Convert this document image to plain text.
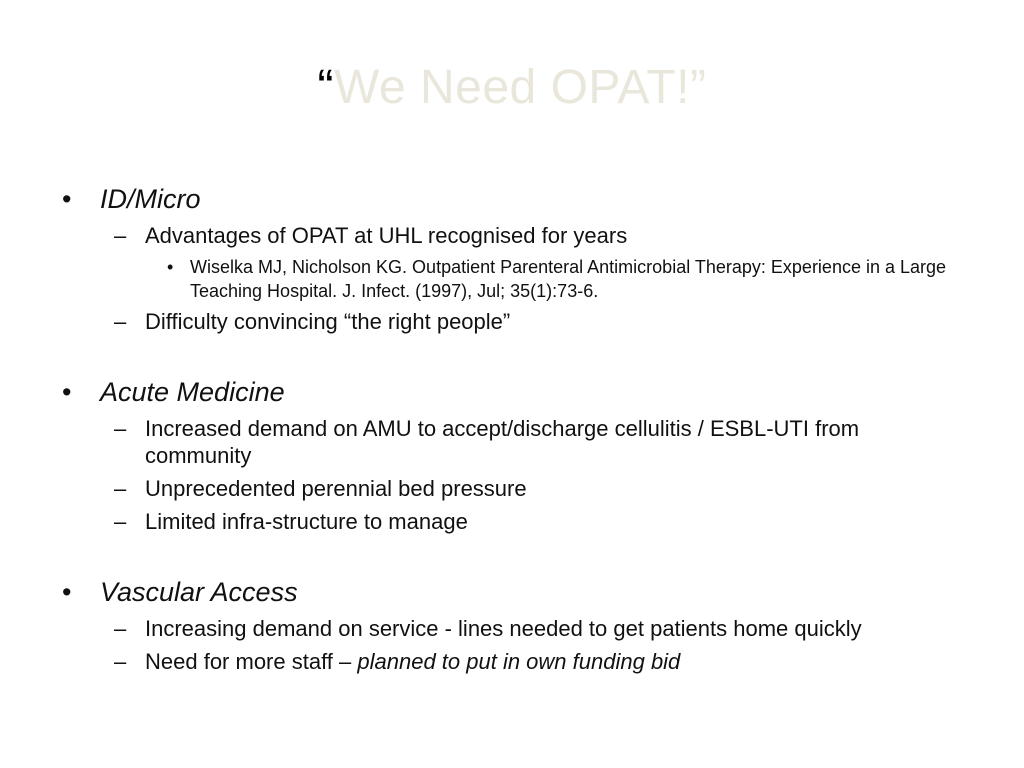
“We Need OPAT!”

• ID/Micro

– Advantages of OPAT at UHL recognised for years

• Wiselka MJ, Nicholson KG. Outpatient Parenteral Antimicrobial Therapy: Experience in a Large Teaching Hospital. J. Infect. (1997), Jul; 35(1):73-6.

– Difficulty convincing “the right people”

• Acute Medicine

– Increased demand on AMU to accept/discharge cellulitis / ESBL-UTI from community

– Unprecedented perennial bed pressure

– Limited infra-structure to manage

• Vascular Access

– Increasing demand on service - lines needed to get patients home quickly

– Need for more staff – planned to put in own funding bid
